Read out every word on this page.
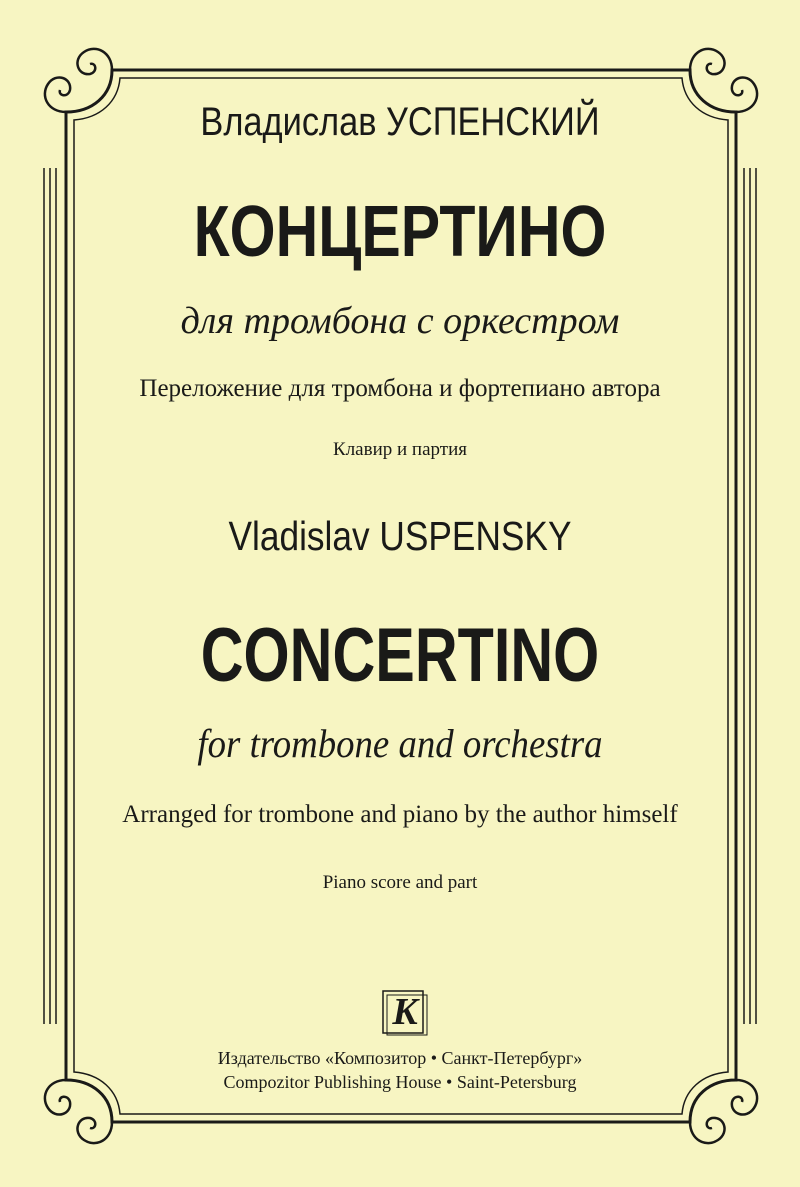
Владислав УСПЕНСКИЙ
КОНЦЕРТИНО
для тромбона с оркестром
Переложение для тромбона и фортепиано автора
Клавир и партия
Vladislav USPENSKY
CONCERTINO
for trombone and orchestra
Arranged for trombone and piano by the author himself
Piano score and part
K
Издательство «Композитор • Санкт-Петербург»
Compozitor Publishing House • Saint-Petersburg
